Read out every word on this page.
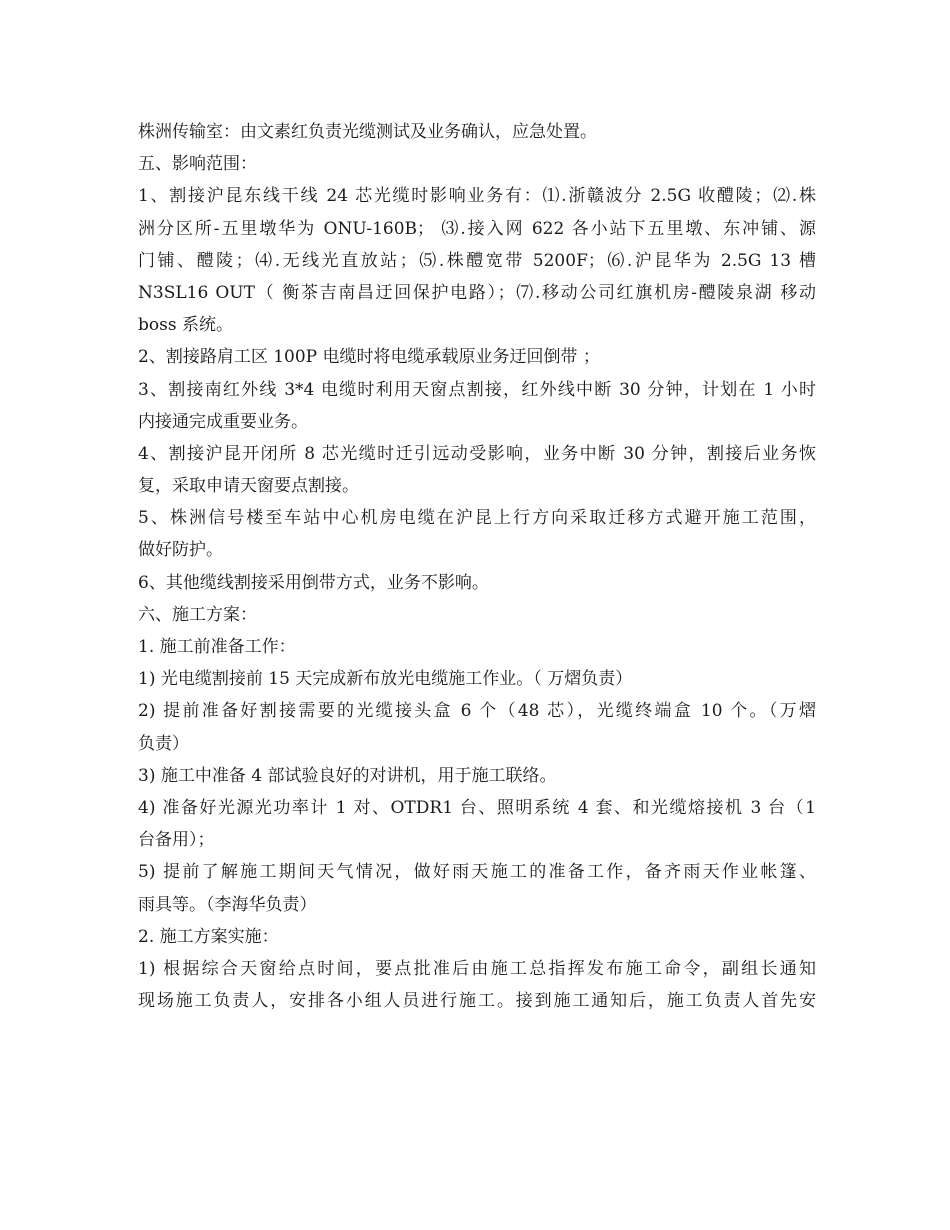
株洲传输室：由文素红负责光缆测试及业务确认，应急处置。
五、影响范围：
1、割接沪昆东线干线 24 芯光缆时影响业务有：⑴.浙赣波分 2.5G 收醴陵；⑵.株
洲分区所-五里墩华为 ONU-160B； ⑶.接入网 622 各小站下五里墩、东冲铺、源
门铺、醴陵；⑷.无线光直放站；⑸.株醴宽带 5200F；⑹.沪昆华为 2.5G 13 槽
N3SL16 OUT（ 衡茶吉南昌迂回保护电路）；⑺.移动公司红旗机房-醴陵泉湖 移动
boss 系统。
2、割接路肩工区 100P 电缆时将电缆承载原业务迂回倒带 ；
3、割接南红外线 3*4 电缆时利用天窗点割接，红外线中断 30 分钟，计划在 1 小时
内接通完成重要业务。
4、割接沪昆开闭所 8 芯光缆时迁引远动受影响，业务中断 30 分钟，割接后业务恢
复，采取申请天窗要点割接。
5、株洲信号楼至车站中心机房电缆在沪昆上行方向采取迁移方式避开施工范围，
做好防护。
6、其他缆线割接采用倒带方式，业务不影响。
六、施工方案：
1. 施工前准备工作：
1) 光电缆割接前 15 天完成新布放光电缆施工作业。（ 万熠负责）
2) 提前准备好割接需要的光缆接头盒 6 个（48 芯），光缆终端盒 10 个。（万熠
负责）
3) 施工中准备 4 部试验良好的对讲机，用于施工联络。
4) 准备好光源光功率计 1 对、OTDR1 台、照明系统 4 套、和光缆熔接机 3 台（1
台备用）；
5) 提前了解施工期间天气情况，做好雨天施工的准备工作，备齐雨天作业帐篷、
雨具等。（李海华负责）
2. 施工方案实施：
1) 根据综合天窗给点时间，要点批准后由施工总指挥发布施工命令，副组长通知
现场施工负责人，安排各小组人员进行施工。接到施工通知后，施工负责人首先安
